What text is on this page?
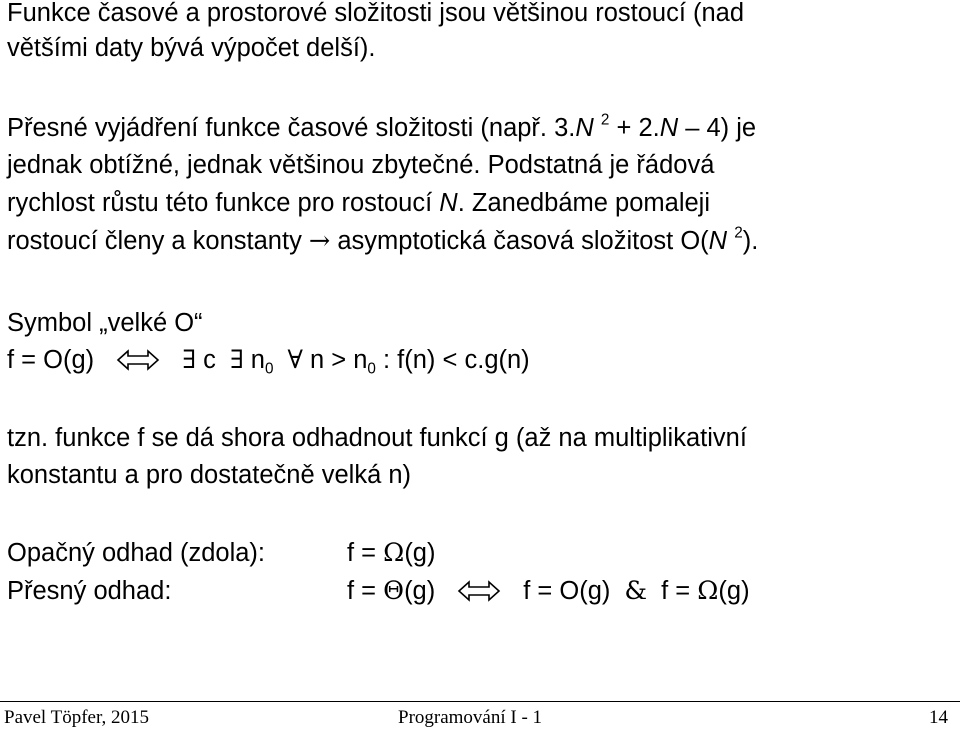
Funkce časové a prostorové složitosti jsou většinou rostoucí (nad
většími daty bývá výpočet delší).
Přesné vyjádření funkce časové složitosti (např. 3.N $^2$ + 2.N – 4) je
jednak obtížné, jednak většinou zbytečné. Podstatná je řádová
rychlost růstu této funkce pro rostoucí N. Zanedbáme pomaleji
rostoucí členy a konstanty → asymptotická časová složitost O(N $^2$).
Symbol „velké O“
f = O(g)	∃ c ∃ $n_0$ ∀ $n > n_0$ : f(n) < c.g(n)
tzn. funkce f se dá shora odhadnout funkcí g (až na multiplikativní
konstantu a pro dostatečně velká n)
Opačný odhad (zdola):	f = Ω(g)
Přesný odhad:	f = Θ(g)	f = O(g) & f = Ω(g)
Pavel Töpfer, 2015	Programování I - 1	14
